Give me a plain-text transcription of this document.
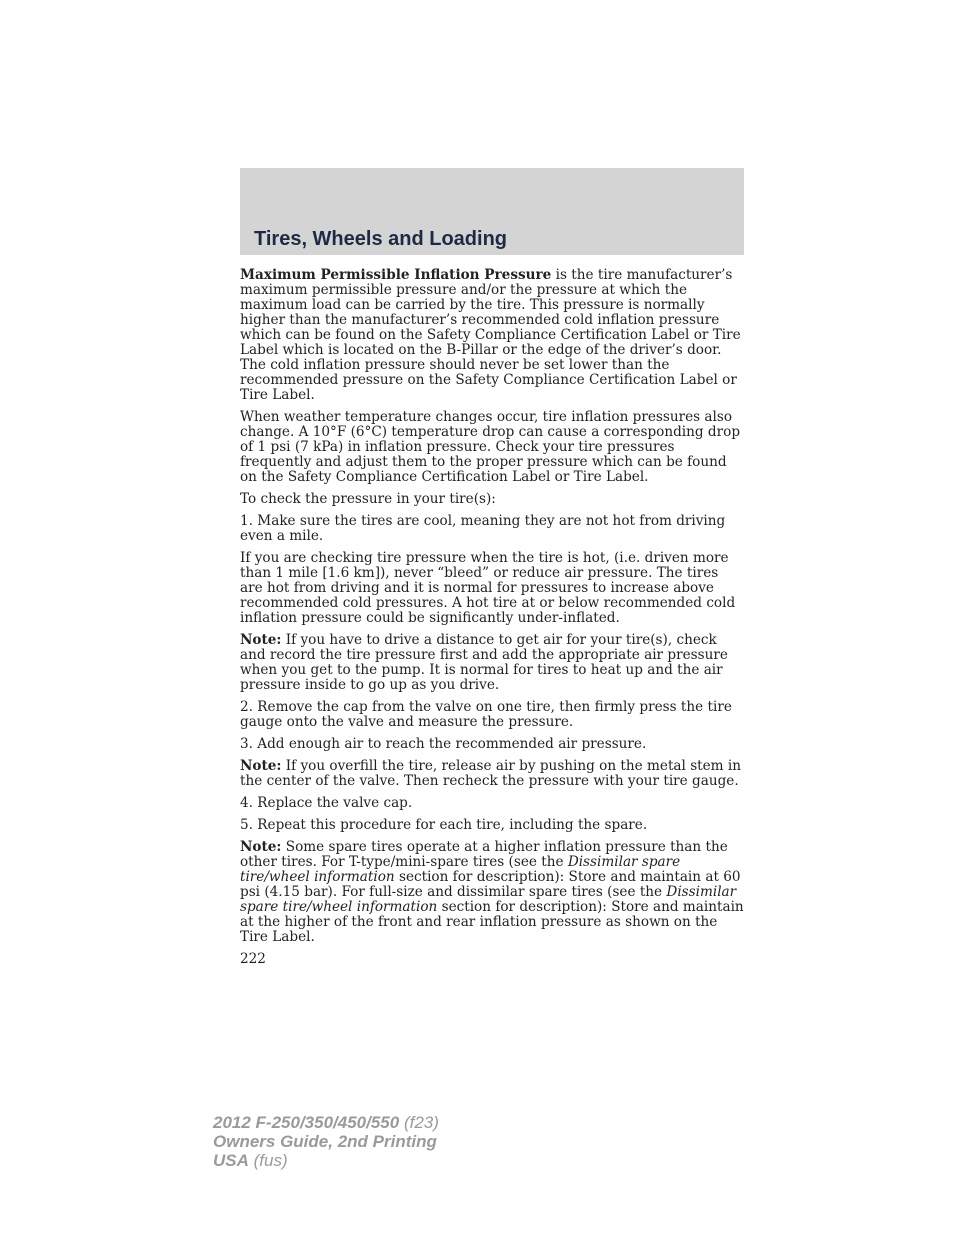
Tires, Wheels and Loading

Maximum Permissible Inflation Pressure is the tire manufacturer’s maximum permissible pressure and/or the pressure at which the maximum load can be carried by the tire. This pressure is normally higher than the manufacturer’s recommended cold inflation pressure which can be found on the Safety Compliance Certification Label or Tire Label which is located on the B-Pillar or the edge of the driver’s door. The cold inflation pressure should never be set lower than the recommended pressure on the Safety Compliance Certification Label or Tire Label.

When weather temperature changes occur, tire inflation pressures also change. A 10°F (6°C) temperature drop can cause a corresponding drop of 1 psi (7 kPa) in inflation pressure. Check your tire pressures frequently and adjust them to the proper pressure which can be found on the Safety Compliance Certification Label or Tire Label.

To check the pressure in your tire(s):

1. Make sure the tires are cool, meaning they are not hot from driving even a mile.

If you are checking tire pressure when the tire is hot, (i.e. driven more than 1 mile [1.6 km]), never “bleed” or reduce air pressure. The tires are hot from driving and it is normal for pressures to increase above recommended cold pressures. A hot tire at or below recommended cold inflation pressure could be significantly under-inflated.

Note: If you have to drive a distance to get air for your tire(s), check and record the tire pressure first and add the appropriate air pressure when you get to the pump. It is normal for tires to heat up and the air pressure inside to go up as you drive.

2. Remove the cap from the valve on one tire, then firmly press the tire gauge onto the valve and measure the pressure.

3. Add enough air to reach the recommended air pressure.

Note: If you overfill the tire, release air by pushing on the metal stem in the center of the valve. Then recheck the pressure with your tire gauge.

4. Replace the valve cap.

5. Repeat this procedure for each tire, including the spare.

Note: Some spare tires operate at a higher inflation pressure than the other tires. For T-type/mini-spare tires (see the Dissimilar spare tire/wheel information section for description): Store and maintain at 60 psi (4.15 bar). For full-size and dissimilar spare tires (see the Dissimilar spare tire/wheel information section for description): Store and maintain at the higher of the front and rear inflation pressure as shown on the Tire Label.

222
2012 F-250/350/450/550 (f23)
Owners Guide, 2nd Printing
USA (fus)
